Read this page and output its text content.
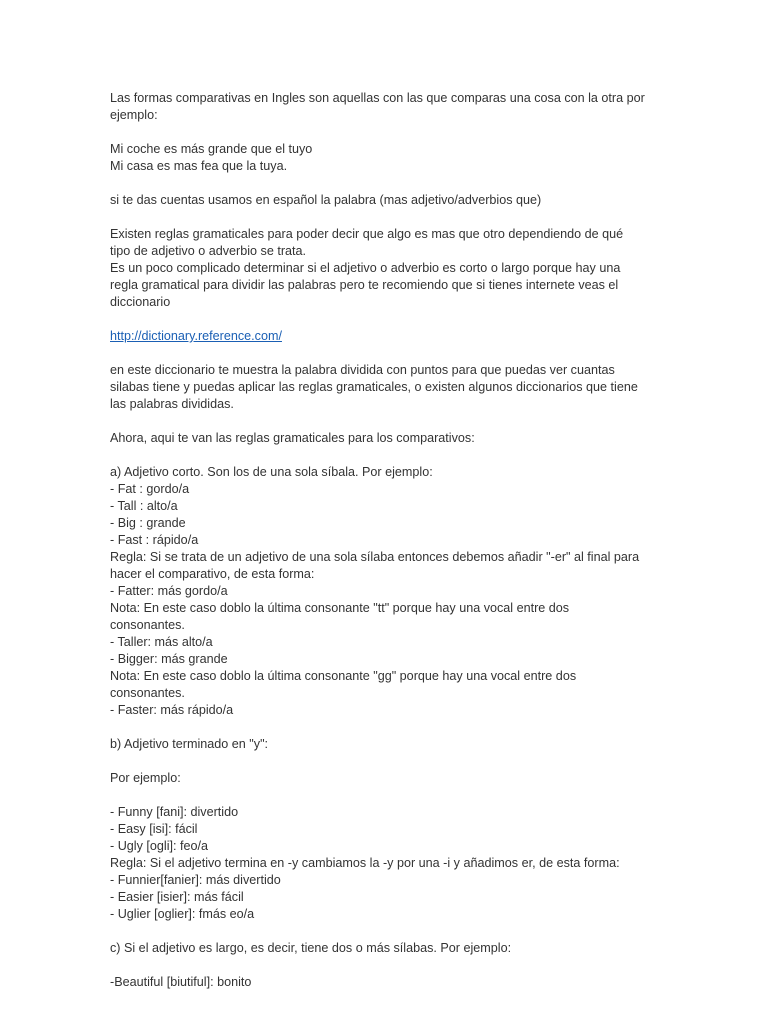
Las formas comparativas en Ingles son aquellas con las que comparas una cosa con la otra por
ejemplo:
Mi coche es más grande que el tuyo
Mi casa es mas fea que la tuya.
si te das cuentas usamos en español la palabra (mas adjetivo/adverbios que)
Existen reglas gramaticales para poder decir que algo es mas que otro dependiendo de qué
tipo de adjetivo o adverbio se trata.
Es un poco complicado determinar si el adjetivo o adverbio es corto o largo porque hay una
regla gramatical para dividir las palabras pero te recomiendo que si tienes internete veas el
diccionario
http://dictionary.reference.com/
en este diccionario te muestra la palabra dividida con puntos para que puedas ver cuantas
silabas tiene y puedas aplicar las reglas gramaticales, o existen algunos diccionarios que tiene
las palabras divididas.
Ahora, aqui te van las reglas gramaticales para los comparativos:
a) Adjetivo corto. Son los de una sola síbala. Por ejemplo:
- Fat : gordo/a
- Tall : alto/a
- Big : grande
- Fast : rápido/a
Regla: Si se trata de un adjetivo de una sola sílaba entonces debemos añadir "-er" al final para
hacer el comparativo, de esta forma:
- Fatter: más gordo/a
Nota: En este caso doblo la última consonante "tt" porque hay una vocal entre dos
consonantes.
- Taller: más alto/a
- Bigger: más grande
Nota: En este caso doblo la última consonante "gg" porque hay una vocal entre dos
consonantes.
- Faster: más rápido/a
b) Adjetivo terminado en "y":
Por ejemplo:
- Funny [fani]: divertido
- Easy [isi]: fácil
- Ugly [ogli]: feo/a
Regla: Si el adjetivo termina en -y cambiamos la -y por una -i y añadimos er, de esta forma:
- Funnier[fanier]: más divertido
- Easier [isier]: más fácil
- Uglier [oglier]: fmás eo/a
c) Si el adjetivo es largo, es decir, tiene dos o más sílabas. Por ejemplo:
-Beautiful [biutiful]: bonito
